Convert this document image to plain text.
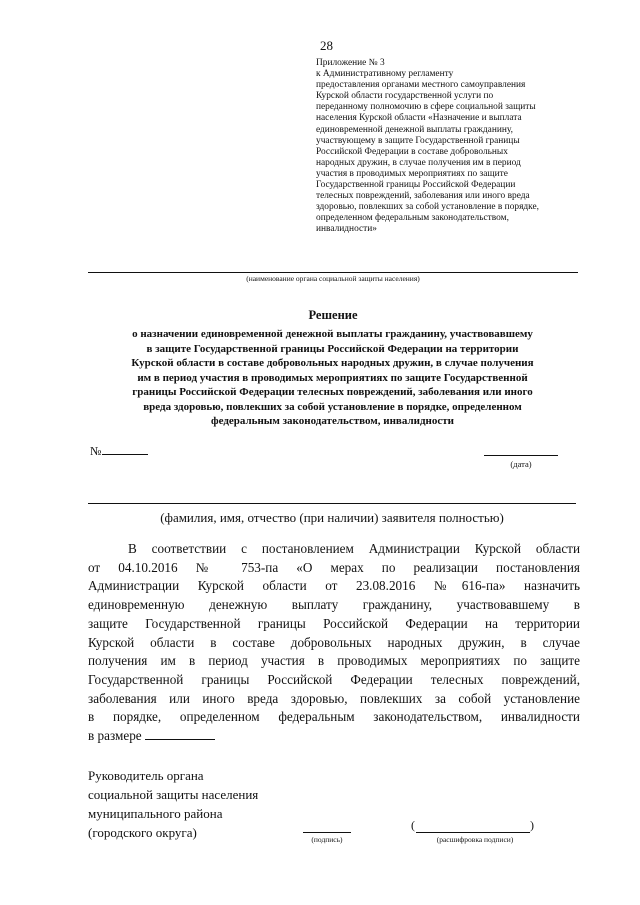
28
Приложение № 3
к Административному регламенту
предоставления органами местного самоуправления
Курской области государственной услуги по
переданному полномочию в сфере социальной защиты
населения Курской области «Назначение и выплата
единовременной денежной выплаты гражданину,
участвующему в защите Государственной границы
Российской Федерации в составе добровольных
народных дружин, в случае получения им в период
участия в проводимых мероприятиях по защите
Государственной границы Российской Федерации
телесных повреждений, заболевания или иного вреда
здоровью, повлекших за собой установление в порядке,
определенном федеральным законодательством,
инвалидности»
(наименование органа социальной защиты населения)
Решение
о назначении единовременной денежной выплаты гражданину, участвовавшему
в защите Государственной границы Российской Федерации на территории
Курской области в составе добровольных народных дружин, в случае получения
им в период участия в проводимых мероприятиях по защите Государственной
границы Российской Федерации телесных повреждений, заболевания или иного
вреда здоровью, повлекших за собой установление в порядке, определенном
федеральным законодательством, инвалидности
№
(дата)
(фамилия, имя, отчество (при наличии) заявителя полностью)
В соответствии с постановлением Администрации Курской области
от 04.10.2016 № 753-па «О мерах по реализации постановления
Администрации Курской области от 23.08.2016 №616-па» назначить
единовременную денежную выплату гражданину, участвовавшему в
защите Государственной границы Российской Федерации на территории
Курской области в составе добровольных народных дружин, в случае
получения им в период участия в проводимых мероприятиях по защите
Государственной границы Российской Федерации телесных повреждений,
заболевания или иного вреда здоровью, повлекших за собой установление
в порядке, определенном федеральным законодательством, инвалидности
в размере
Руководитель органа
социальной защиты населения
муниципального района
(городского округа)	(подпись)
(	)
(расшифровка подписи)
